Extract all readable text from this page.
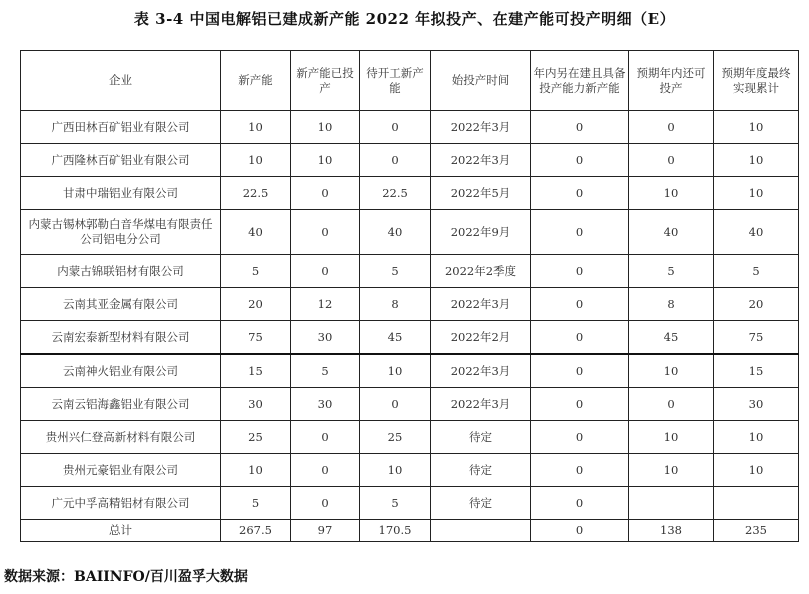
表 3-4 中国电解铝已建成新产能 2022 年拟投产、在建产能可投产明细（E）
企业	新产能	新产能已投产	待开工新产能	始投产时间	年内另在建且具备投产能力新产能	预期年内还可投产	预期年度最终实现累计
广西田林百矿铝业有限公司	10	10	0	2022年3月	0	0	10
广西隆林百矿铝业有限公司	10	10	0	2022年3月	0	0	10
甘肃中瑞铝业有限公司	22.5	0	22.5	2022年5月	0	10	10
内蒙古锡林郭勒白音华煤电有限责任公司铝电分公司	40	0	40	2022年9月	0	40	40
内蒙古锦联铝材有限公司	5	0	5	2022年2季度	0	5	5
云南其亚金属有限公司	20	12	8	2022年3月	0	8	20
云南宏泰新型材料有限公司	75	30	45	2022年2月	0	45	75
云南神火铝业有限公司	15	5	10	2022年3月	0	10	15
云南云铝海鑫铝业有限公司	30	30	0	2022年3月	0	0	30
贵州兴仁登高新材料有限公司	25	0	25	待定	0	10	10
贵州元豪铝业有限公司	10	0	10	待定	0	10	10
广元中孚高精铝材有限公司	5	0	5	待定	0		
总计	267.5	97	170.5		0	138	235
数据来源：BAIINFO/百川盈孚大数据
